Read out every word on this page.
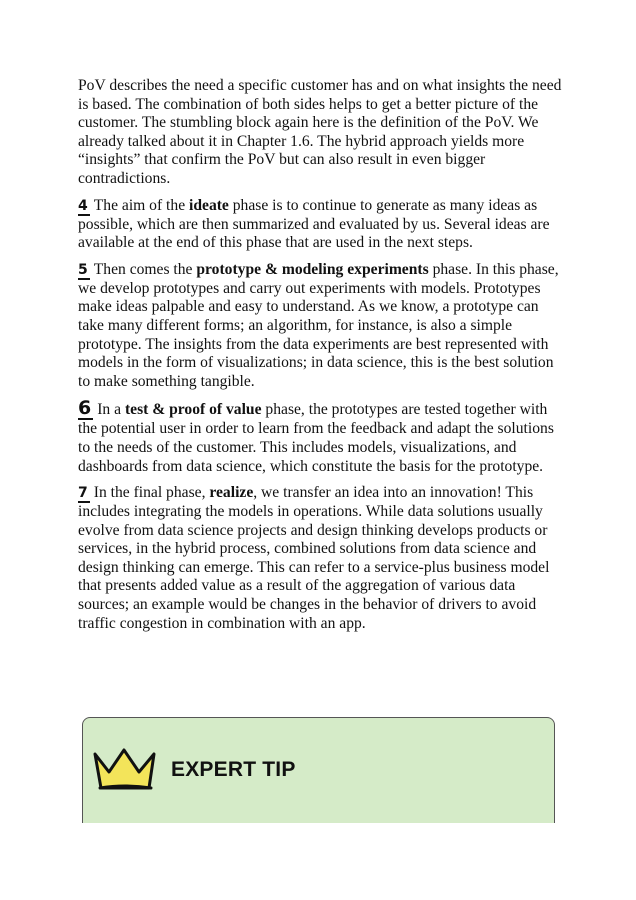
PoV describes the need a specific customer has and on what insights the need is based. The combination of both sides helps to get a better picture of the customer. The stumbling block again here is the definition of the PoV. We already talked about it in Chapter 1.6. The hybrid approach yields more “insights” that confirm the PoV but can also result in even bigger contradictions.

4 The aim of the ideate phase is to continue to generate as many ideas as possible, which are then summarized and evaluated by us. Several ideas are available at the end of this phase that are used in the next steps.

5 Then comes the prototype & modeling experiments phase. In this phase, we develop prototypes and carry out experiments with models. Prototypes make ideas palpable and easy to understand. As we know, a prototype can take many different forms; an algorithm, for instance, is also a simple prototype. The insights from the data experiments are best represented with models in the form of visualizations; in data science, this is the best solution to make something tangible.

6 In a test & proof of value phase, the prototypes are tested together with the potential user in order to learn from the feedback and adapt the solutions to the needs of the customer. This includes models, visualizations, and dashboards from data science, which constitute the basis for the prototype.

7 In the final phase, realize, we transfer an idea into an innovation! This includes integrating the models in operations. While data solutions usually evolve from data science projects and design thinking develops products or services, in the hybrid process, combined solutions from data science and design thinking can emerge. This can refer to a service-plus business model that presents added value as a result of the aggregation of various data sources; an example would be changes in the behavior of drivers to avoid traffic congestion in combination with an app.

EXPERT TIP
